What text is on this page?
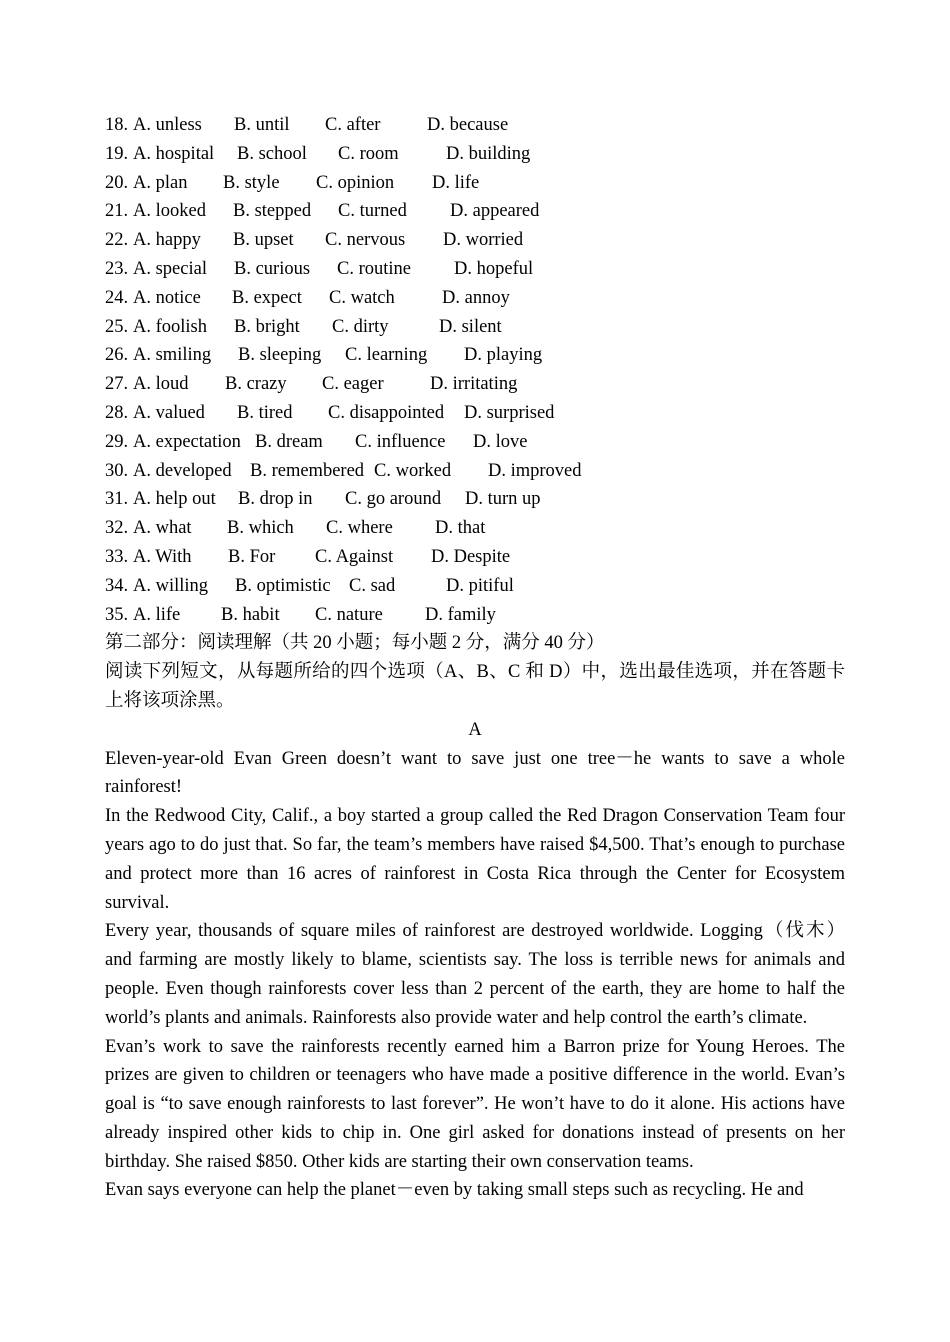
18. A. unless B. until C. after	D. because
19. A. hospital B. school C. room	D. building
20. A. plan B. style C. opinion D. life
21. A. looked B. stepped C. turned D. appeared
22. A. happy B. upset C. nervous D. worried
23. A. special B. curious C. routine D. hopeful
24. A. notice B. expect C. watch	D. annoy
25. A. foolish B. bright C. dirty	D. silent
26. A. smiling B. sleeping C. learning D. playing
27. A. loud B. crazy C. eager	D. irritating
28. A. valued B. tired C. disappointed D. surprised
29. A. expectation B. dream C. influence D. love
30. A. developed B. remembered C. worked D. improved
31. A. help out B. drop in C. go around D. turn up
32. A. what B. which C. where D. that
33. A. With B. For C. Against D. Despite
34. A. willing B. optimistic C. sad	D. pitiful
35. A. life B. habit C. nature D. family
第二部分：阅读理解（共 20 小题；每小题 2 分，满分 40 分）
阅读下列短文，从每题所给的四个选项（A、B、C 和 D）中，选出最佳选项，并在答题卡上将该项涂黑。
A

Eleven-year-old Evan Green doesn’t want to save just one tree－he wants to save a whole rainforest!

In the Redwood City, Calif., a boy started a group called the Red Dragon Conservation Team four years ago to do just that. So far, the team’s members have raised $4,500. That’s enough to purchase and protect more than 16 acres of rainforest in Costa Rica through the Center for Ecosystem survival.

Every year, thousands of square miles of rainforest are destroyed worldwide. Logging（伐木） and farming are mostly likely to blame, scientists say. The loss is terrible news for animals and people. Even though rainforests cover less than 2 percent of the earth, they are home to half the world’s plants and animals. Rainforests also provide water and help control the earth’s climate.

Evan’s work to save the rainforests recently earned him a Barron prize for Young Heroes. The prizes are given to children or teenagers who have made a positive difference in the world. Evan’s goal is “to save enough rainforests to last forever”. He won’t have to do it alone. His actions have already inspired other kids to chip in. One girl asked for donations instead of presents on her birthday. She raised $850. Other kids are starting their own conservation teams.

Evan says everyone can help the planet－even by taking small steps such as recycling. He and
